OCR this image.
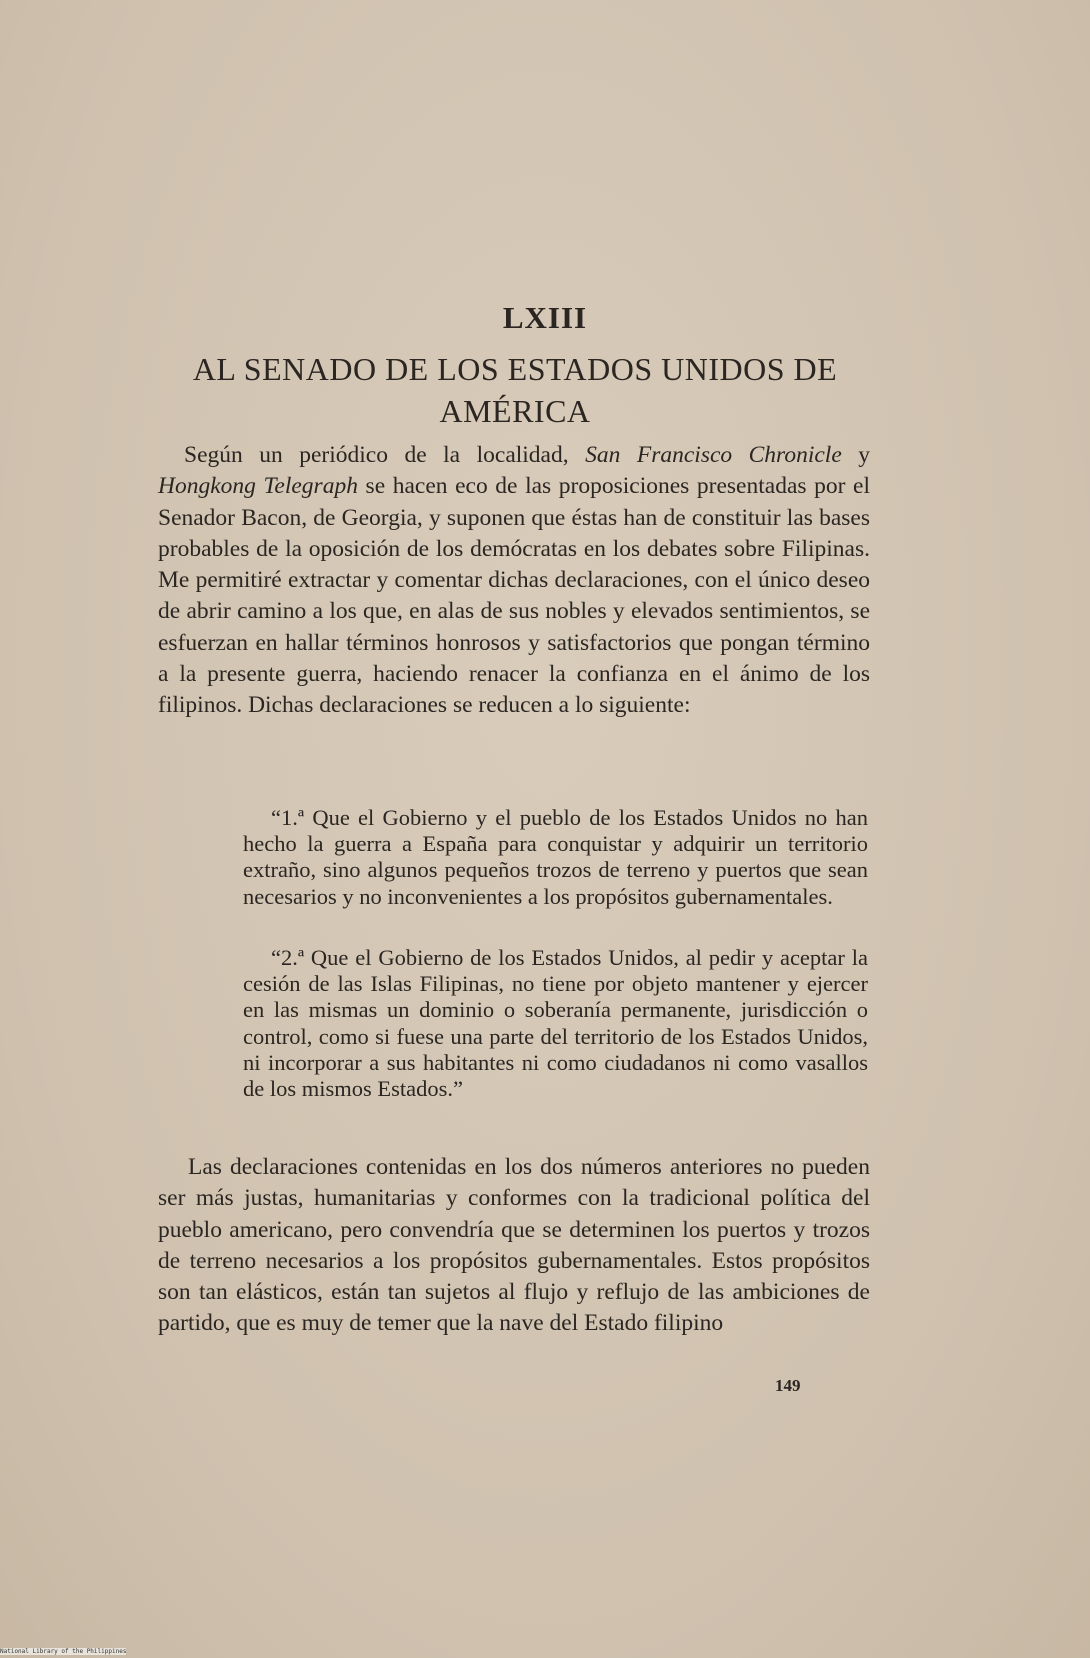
LXIII
AL SENADO DE LOS ESTADOS UNIDOS DE AMÉRICA
Según un periódico de la localidad, San Francisco Chronicle y Hongkong Telegraph se hacen eco de las proposiciones presentadas por el Senador Bacon, de Georgia, y suponen que éstas han de constituir las bases probables de la oposición de los demócratas en los debates sobre Filipinas. Me permitiré extractar y comentar dichas declaraciones, con el único deseo de abrir camino a los que, en alas de sus nobles y elevados sentimientos, se esfuerzan en hallar términos honrosos y satisfactorios que pongan término a la presente guerra, haciendo renacer la confianza en el ánimo de los filipinos. Dichas declaraciones se reducen a lo siguiente:
“1.ª Que el Gobierno y el pueblo de los Estados Unidos no han hecho la guerra a España para conquistar y adquirir un territorio extraño, sino algunos pequeños trozos de terreno y puertos que sean necesarios y no inconvenientes a los propósitos gubernamentales.
“2.ª Que el Gobierno de los Estados Unidos, al pedir y aceptar la cesión de las Islas Filipinas, no tiene por objeto mantener y ejercer en las mismas un dominio o soberanía permanente, jurisdicción o control, como si fuese una parte del territorio de los Estados Unidos, ni incorporar a sus habitantes ni como ciudadanos ni como vasallos de los mismos Estados.”
Las declaraciones contenidas en los dos números anteriores no pueden ser más justas, humanitarias y conformes con la tradicional política del pueblo americano, pero convendría que se determinen los puertos y trozos de terreno necesarios a los propósitos gubernamentales. Estos propósitos son tan elásticos, están tan sujetos al flujo y reflujo de las ambiciones de partido, que es muy de temer que la nave del Estado filipino
149
National Library of the Philippines
